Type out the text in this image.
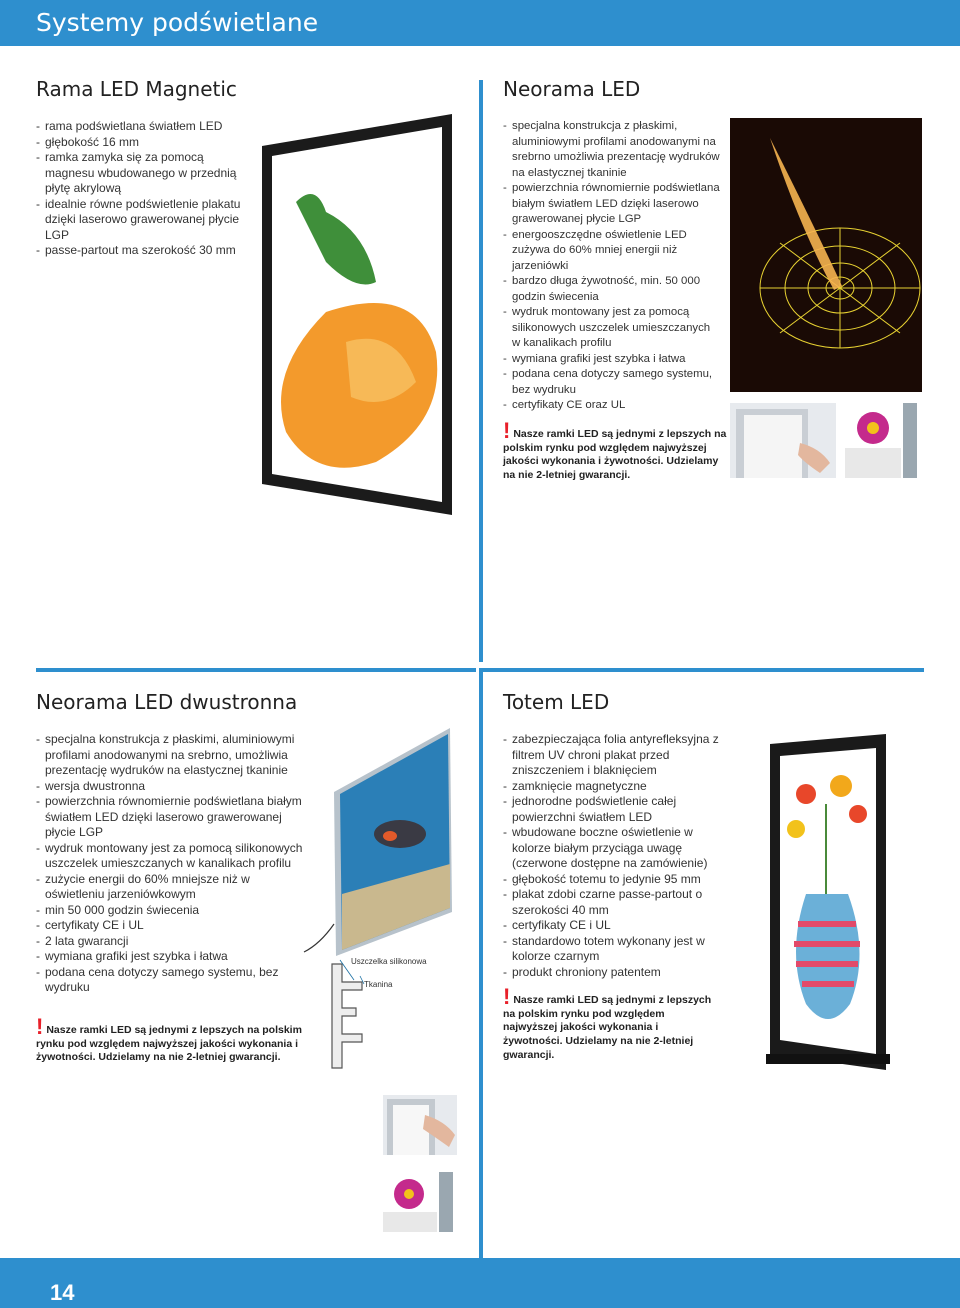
Systemy podświetlane
Rama LED Magnetic
- rama podświetlana światłem LED
- głębokość 16 mm
- ramka zamyka się za pomocą magnesu wbudowanego w przednią płytę akrylową
- idealnie równe podświetlenie plakatu dzięki laserowo grawerowanej płycie LGP
- passe-partout ma szerokość 30 mm
Neorama LED
- specjalna konstrukcja z płaskimi, aluminiowymi profilami anodowanymi na srebrno umożliwia prezentację wydruków na elastycznej tkaninie
- powierzchnia równomiernie podświetlana białym światłem LED dzięki laserowo grawerowanej płycie LGP
- energooszczędne oświetlenie LED zużywa do 60% mniej energii niż jarzeniówki
- bardzo długa żywotność, min. 50 000 godzin świecenia
- wydruk montowany jest za pomocą silikonowych uszczelek umieszczanych w kanalikach profilu
- wymiana grafiki jest szybka i łatwa
- podana cena dotyczy samego systemu, bez wydruku
- certyfikaty CE oraz UL
! Nasze ramki LED są jednymi z lepszych na polskim rynku pod względem najwyższej jakości wykonania i żywotności. Udzielamy na nie 2-letniej gwarancji.
Neorama LED dwustronna
- specjalna konstrukcja z płaskimi, aluminiowymi profilami anodowanymi na srebrno, umożliwia prezentację wydruków na elastycznej tkaninie
- wersja dwustronna
- powierzchnia równomiernie podświetlana białym światłem LED dzięki laserowo grawerowanej płycie LGP
- wydruk montowany jest za pomocą silikonowych uszczelek umieszczanych w kanalikach profilu
- zużycie energii do 60% mniejsze niż w oświetleniu jarzeniówkowym
- min 50 000 godzin świecenia
- certyfikaty CE i UL
- 2 lata gwarancji
- wymiana grafiki jest szybka i łatwa
- podana cena dotyczy samego systemu, bez wydruku
! Nasze ramki LED są jednymi z lepszych na polskim rynku pod względem najwyższej jakości wykonania i żywotności. Udzielamy na nie 2-letniej gwarancji.
Uszczelka silikonowa
Tkanina
Totem LED
- zabezpieczająca folia antyrefleksyjna z filtrem UV chroni plakat przed zniszczeniem i blaknięciem
- zamknięcie magnetyczne
- jednorodne podświetlenie całej powierzchni światłem LED
- wbudowane boczne oświetlenie w kolorze białym przyciąga uwagę (czerwone dostępne na zamówienie)
- głębokość totemu to jedynie 95 mm
- plakat zdobi czarne passe-partout o szerokości 40 mm
- certyfikaty CE i UL
- standardowo totem wykonany jest w kolorze czarnym
- produkt chroniony patentem
! Nasze ramki LED są jednymi z lepszych na polskim rynku pod względem najwyższej jakości wykonania i żywotności. Udzielamy na nie 2-letniej gwarancji.
14
